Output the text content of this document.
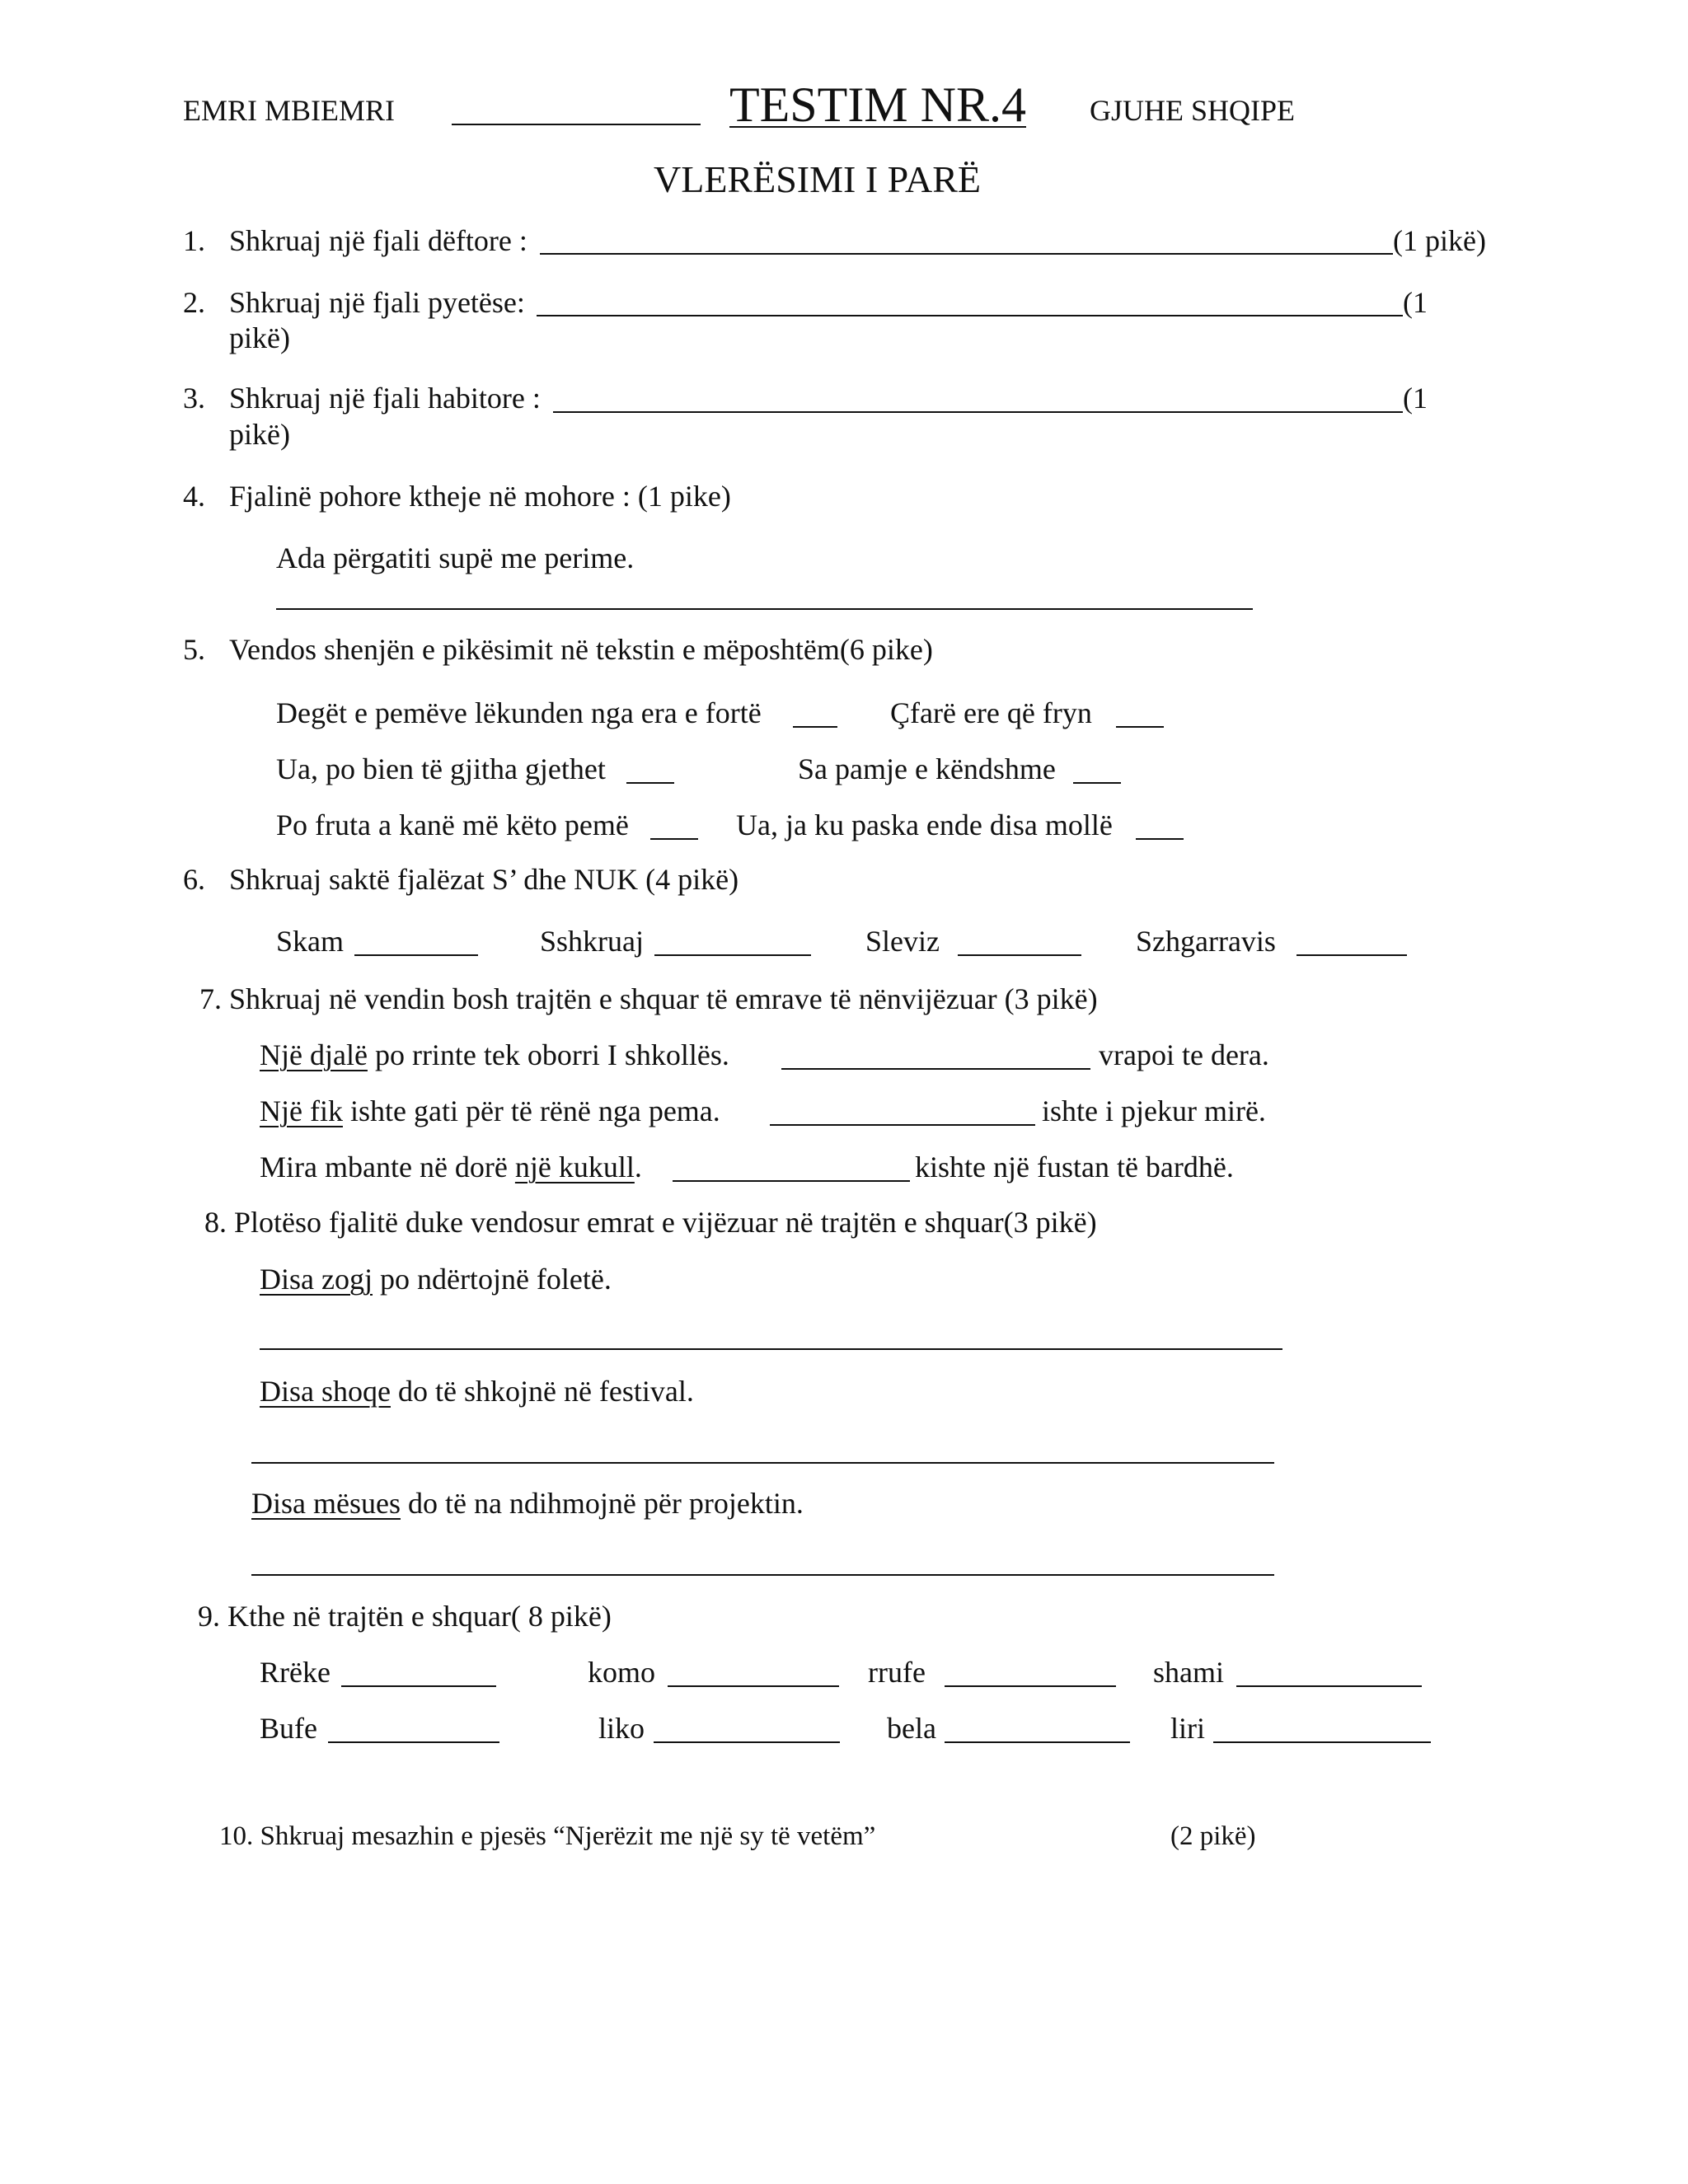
EMRI MBIEMRI	TESTIM NR.4 GJUHE SHQIPE
VLERËSIMI I PARË
1. Shkruaj një fjali dëftore :	(1 pikë)
2. Shkruaj një fjali pyetëse:	(1
pikë)
3. Shkruaj një fjali habitore :	(1
pikë)
4. Fjalinë pohore ktheje në mohore : (1 pike)
Ada përgatiti supë me perime.
5. Vendos shenjën e pikësimit në tekstin e mëposhtëm(6 pike)
Degët e pemëve lëkunden nga era e fortë	Çfarë ere që fryn
Ua, po bien të gjitha gjethet	Sa pamje e këndshme
Po fruta a kanë më këto pemë	Ua, ja ku paska ende disa mollë
6. Shkruaj saktë fjalëzat S’ dhe NUK (4 pikë)
Skam	Sshkruaj	Sleviz	Szhgarravis
7. Shkruaj në vendin bosh trajtën e shquar të emrave të nënvijëzuar (3 pikë)
Një djalë po rrinte tek oborri I shkollës.	vrapoi te dera.
Një fik ishte gati për të rënë nga pema.	ishte i pjekur mirë.
Mira mbante në dorë një kukull.	kishte një fustan të bardhë.
8. Plotëso fjalitë duke vendosur emrat e vijëzuar në trajtën e shquar(3 pikë)
Disa zogj po ndërtojnë foletë.
Disa shoqe do të shkojnë në festival.
Disa mësues do të na ndihmojnë për projektin.
9. Kthe në trajtën e shquar( 8 pikë)
Rrëke	komo	rrufe	shami
Bufe	liko	bela	liri
10. Shkruaj mesazhin e pjesës “Njerëzit me një sy të vetëm”	(2 pikë)
